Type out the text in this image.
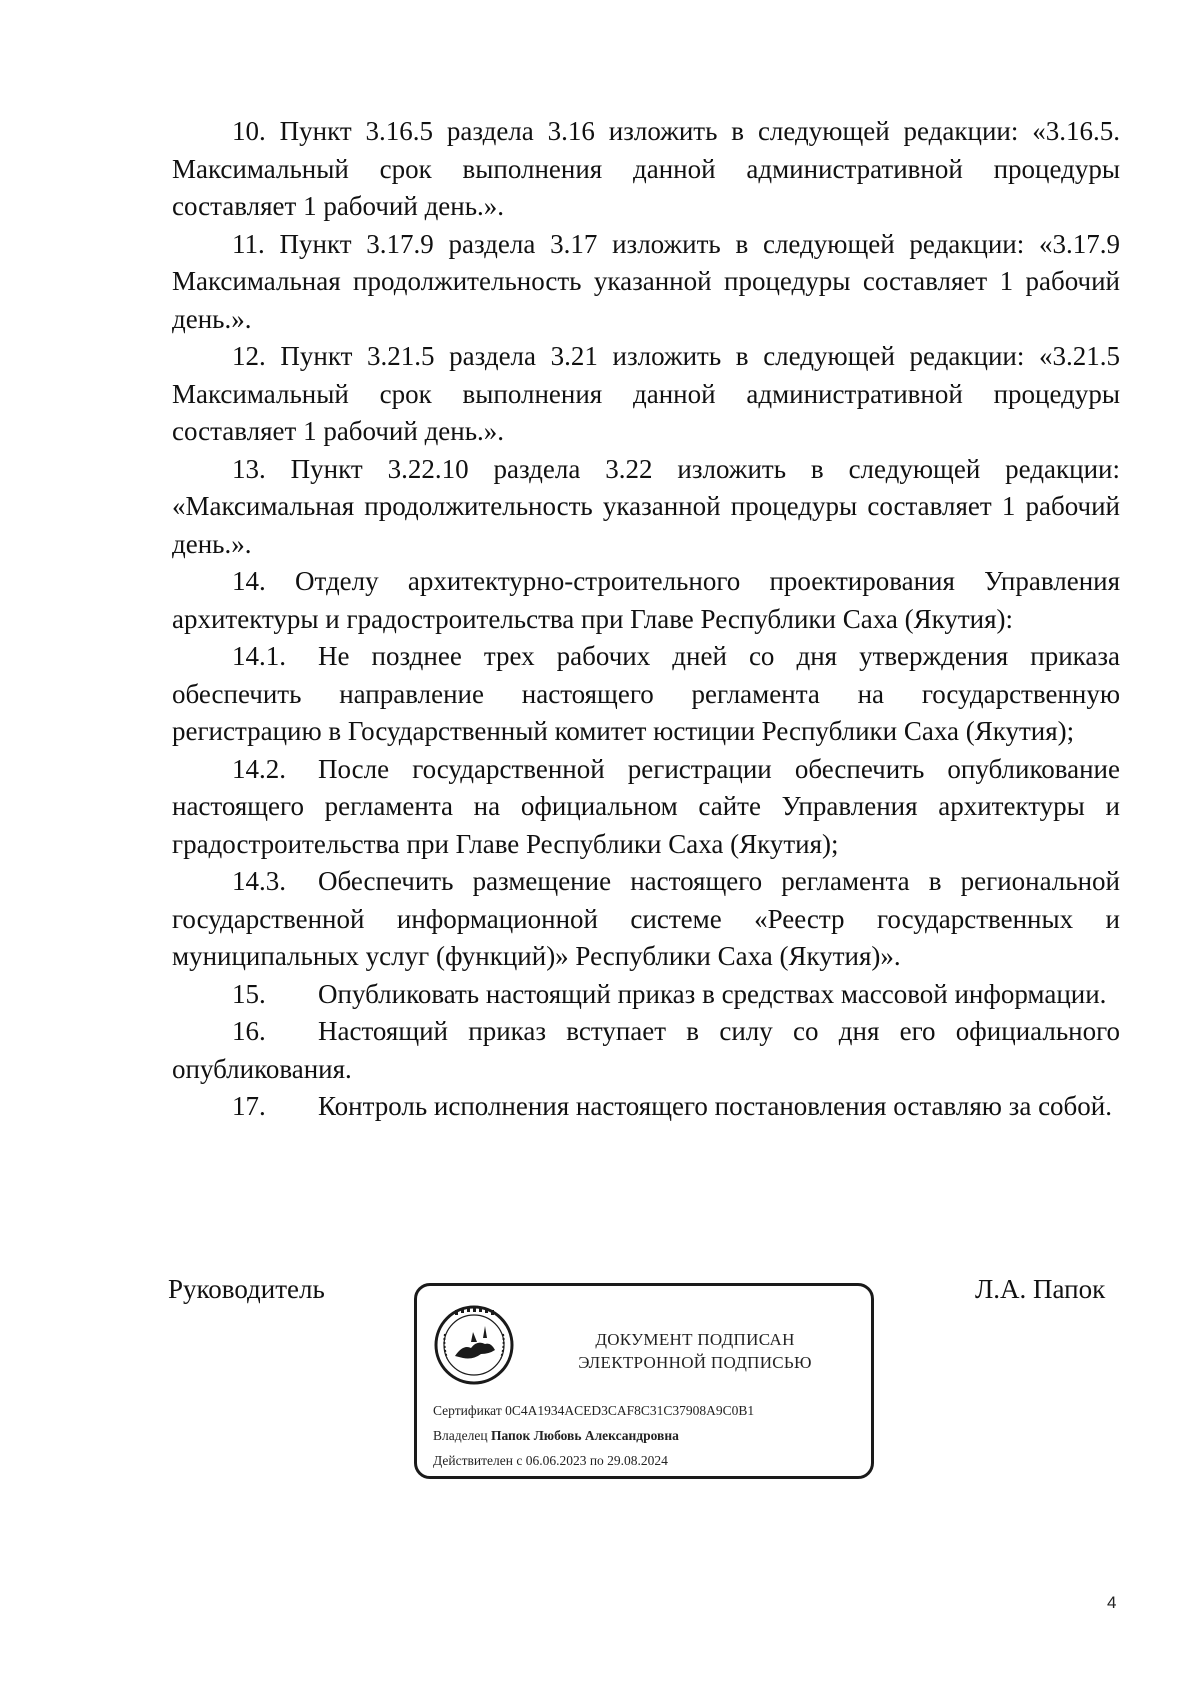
10. Пункт 3.16.5 раздела 3.16 изложить в следующей редакции: «3.16.5. Максимальный срок выполнения данной административной процедуры составляет 1 рабочий день.».

11. Пункт 3.17.9 раздела 3.17 изложить в следующей редакции: «3.17.9 Максимальная продолжительность указанной процедуры составляет 1 рабочий день.».

12. Пункт 3.21.5 раздела 3.21 изложить в следующей редакции: «3.21.5 Максимальный срок выполнения данной административной процедуры составляет 1 рабочий день.».

13. Пункт 3.22.10 раздела 3.22 изложить в следующей редакции: «Максимальная продолжительность указанной процедуры составляет 1 рабочий день.».

14. Отделу архитектурно-строительного проектирования Управления архитектуры и градостроительства при Главе Республики Саха (Якутия):

14.1. Не позднее трех рабочих дней со дня утверждения приказа обеспечить направление настоящего регламента на государственную регистрацию в Государственный комитет юстиции Республики Саха (Якутия);

14.2. После государственной регистрации обеспечить опубликование настоящего регламента на официальном сайте Управления архитектуры и градостроительства при Главе Республики Саха (Якутия);

14.3. Обеспечить размещение настоящего регламента в региональной государственной информационной системе «Реестр государственных и муниципальных услуг (функций)» Республики Саха (Якутия)».

15. Опубликовать настоящий приказ в средствах массовой информации.

16. Настоящий приказ вступает в силу со дня его официального опубликования.

17. Контроль исполнения настоящего постановления оставляю за собой.

Руководитель	Л.А. Папок
ДОКУМЕНТ ПОДПИСАН
ЭЛЕКТРОННОЙ ПОДПИСЬЮ
Сертификат 0C4A1934ACED3CAF8C31C37908A9C0B1
Владелец Папок Любовь Александровна
Действителен с 06.06.2023 по 29.08.2024
4
